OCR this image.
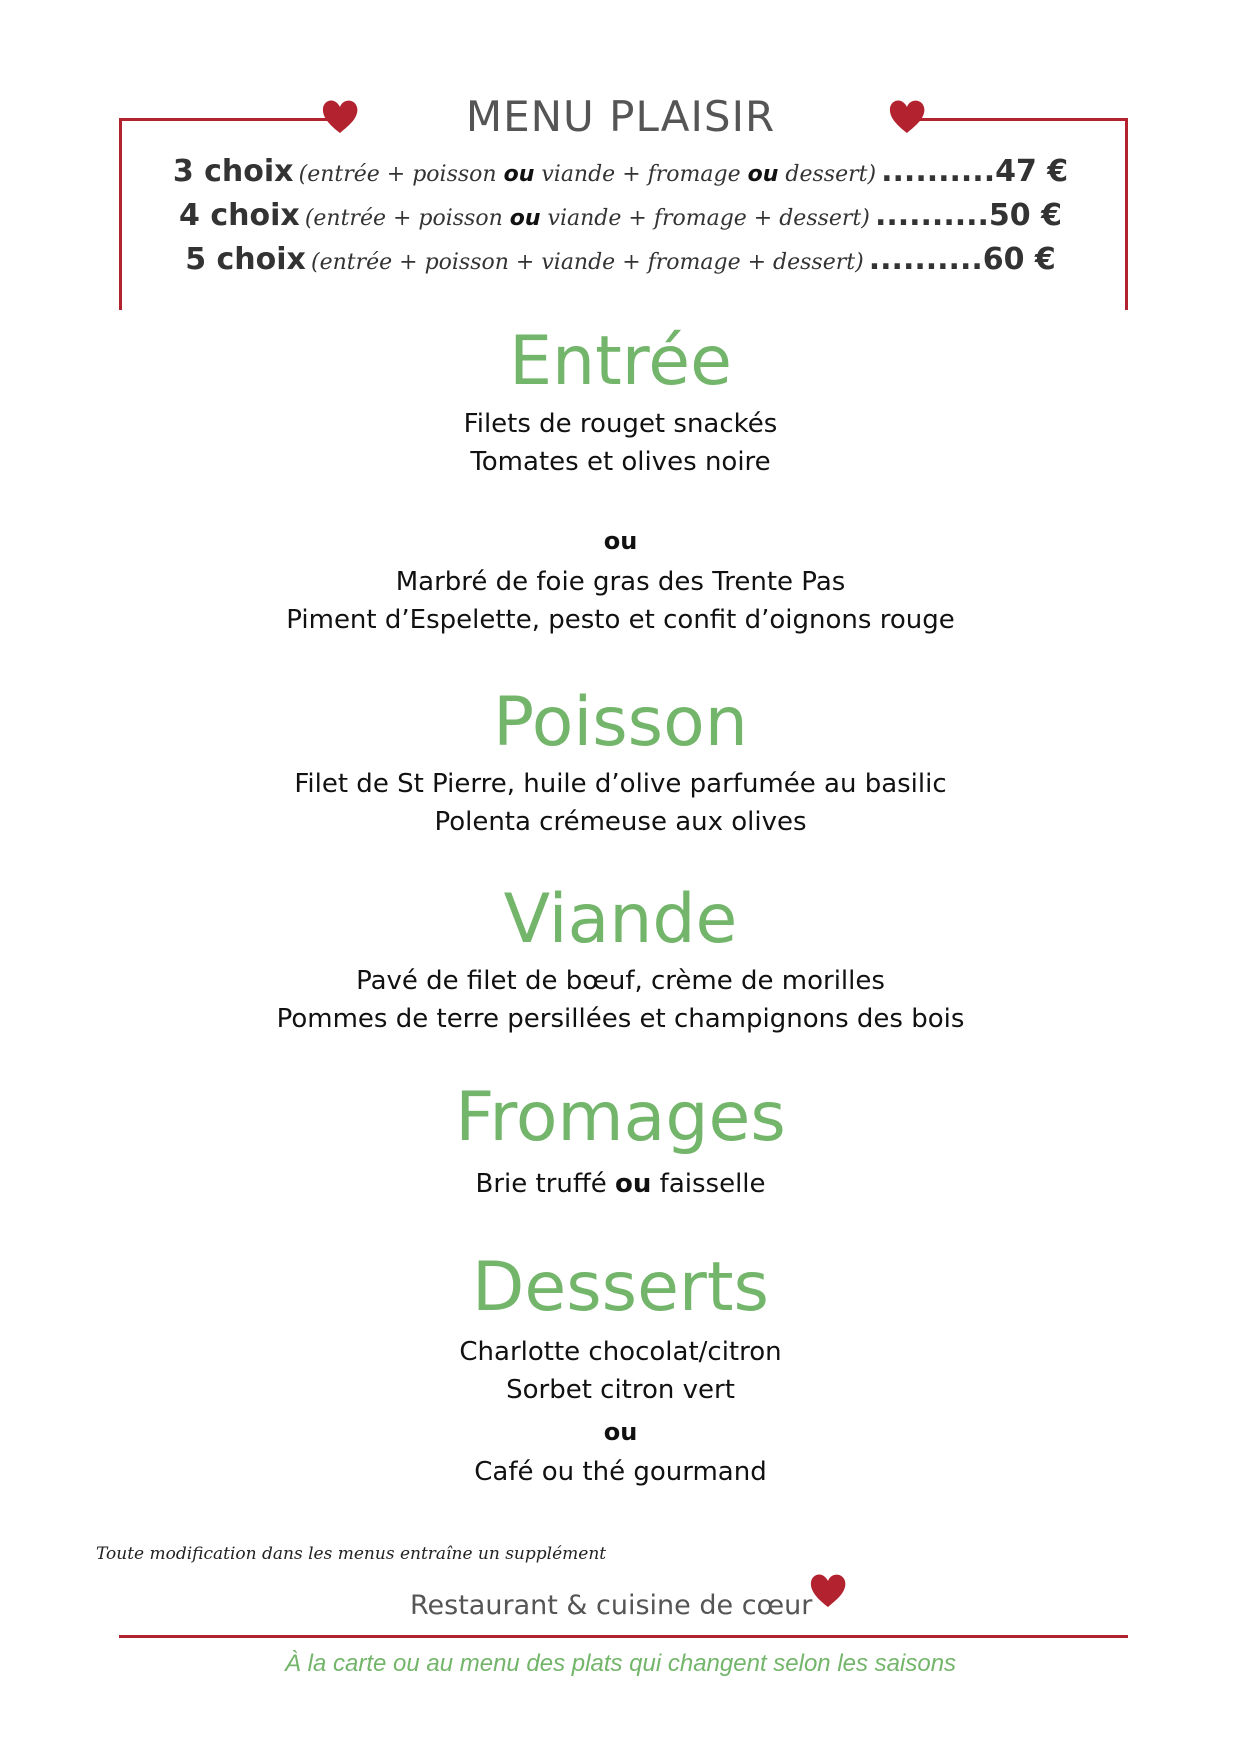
MENU PLAISIR
3 choix (entrée + poisson ou viande + fromage ou dessert) ..........47 €
4 choix (entrée + poisson ou viande + fromage + dessert) ..........50 €
5 choix (entrée + poisson + viande + fromage + dessert) ..........60 €
Entrée
Filets de rouget snackés
Tomates et olives noire
ou
Marbré de foie gras des Trente Pas
Piment d’Espelette, pesto et confit d’oignons rouge
Poisson
Filet de St Pierre, huile d’olive parfumée au basilic
Polenta crémeuse aux olives
Viande
Pavé de filet de bœuf, crème de morilles
Pommes de terre persillées et champignons des bois
Fromages
Brie truffé ou faisselle
Desserts
Charlotte chocolat/citron
Sorbet citron vert
ou
Café ou thé gourmand
Toute modification dans les menus entraîne un supplément
Restaurant & cuisine de cœur
À la carte ou au menu des plats qui changent selon les saisons
